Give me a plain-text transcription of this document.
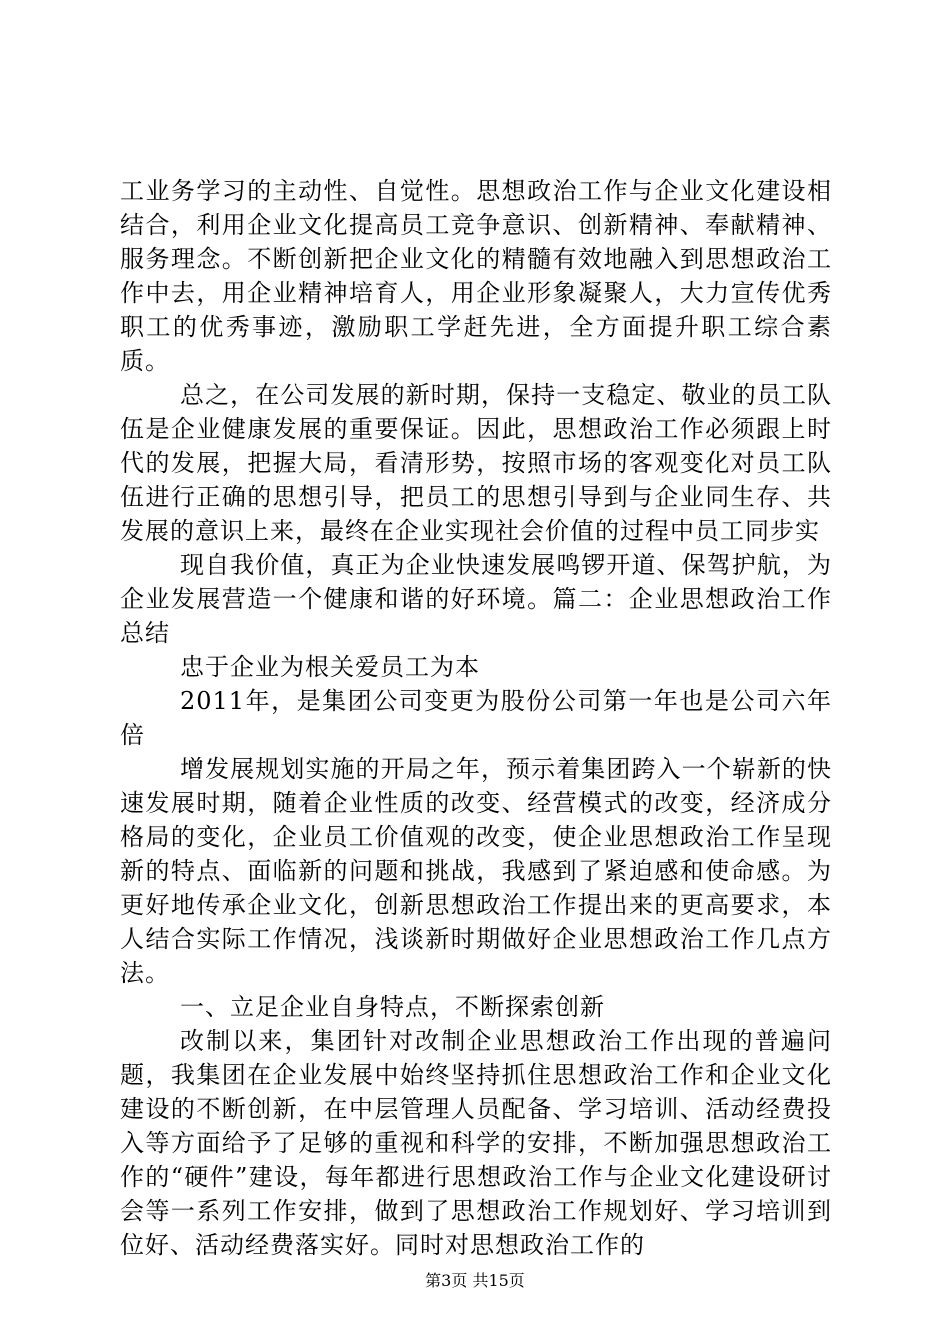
工业务学习的主动性、自觉性。思想政治工作与企业文化建设相结合，利用企业文化提高员工竞争意识、创新精神、奉献精神、服务理念。不断创新把企业文化的精髓有效地融入到思想政治工作中去，用企业精神培育人，用企业形象凝聚人，大力宣传优秀职工的优秀事迹，激励职工学赶先进，全方面提升职工综合素质。

总之，在公司发展的新时期，保持一支稳定、敬业的员工队伍是企业健康发展的重要保证。因此，思想政治工作必须跟上时代的发展，把握大局，看清形势，按照市场的客观变化对员工队伍进行正确的思想引导，把员工的思想引导到与企业同生存、共发展的意识上来，最终在企业实现社会价值的过程中员工同步实

现自我价值，真正为企业快速发展鸣锣开道、保驾护航，为企业发展营造一个健康和谐的好环境。篇二：企业思想政治工作总结

忠于企业为根关爱员工为本

2011年，是集团公司变更为股份公司第一年也是公司六年倍

增发展规划实施的开局之年，预示着集团跨入一个崭新的快速发展时期，随着企业性质的改变、经营模式的改变，经济成分格局的变化，企业员工价值观的改变，使企业思想政治工作呈现新的特点、面临新的问题和挑战，我感到了紧迫感和使命感。为更好地传承企业文化，创新思想政治工作提出来的更高要求，本人结合实际工作情况，浅谈新时期做好企业思想政治工作几点方法。

一、立足企业自身特点，不断探索创新

改制以来，集团针对改制企业思想政治工作出现的普遍问题，我集团在企业发展中始终坚持抓住思想政治工作和企业文化建设的不断创新，在中层管理人员配备、学习培训、活动经费投入等方面给予了足够的重视和科学的安排，不断加强思想政治工作的“硬件”建设，每年都进行思想政治工作与企业文化建设研讨会等一系列工作安排，做到了思想政治工作规划好、学习培训到位好、活动经费落实好。同时对思想政治工作的

第3页 共15页
